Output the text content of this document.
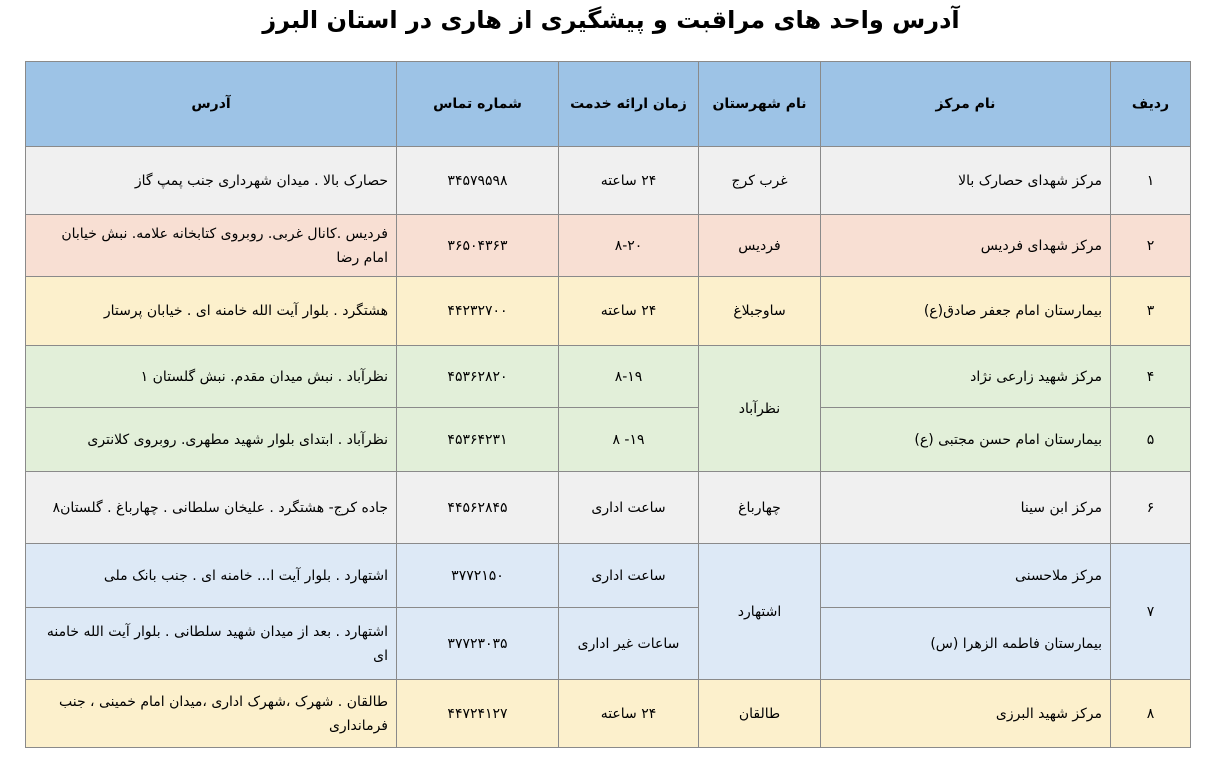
آدرس واحد های مراقبت و پیشگیری از هاری در استان البرز
ردیف	نام مرکز	نام شهرستان	زمان ارائه خدمت	شماره تماس	آدرس
۱	مرکز شهدای حصارک بالا	غرب کرج	۲۴ ساعته	۳۴۵۷۹۵۹۸	حصارک بالا . میدان شهرداری جنب پمپ گاز
۲	مرکز شهدای فردیس	فردیس	۸-۲۰	۳۶۵۰۴۳۶۳	فردیس .کانال غربی. روبروی کتابخانه علامه. نبش خیابان امام رضا
۳	بیمارستان امام جعفر صادق(ع)	ساوجبلاغ	۲۴ ساعته	۴۴۲۳۲۷۰۰	هشتگرد . بلوار آیت الله خامنه ای . خیابان پرستار
۴	مرکز شهید زارعی نژاد	نظرآباد	۸-۱۹	۴۵۳۶۲۸۲۰	نظرآباد . نبش میدان مقدم. نبش گلستان ۱
۵	بیمارستان امام حسن مجتبی (ع)		۱۹- ۸	۴۵۳۶۴۲۳۱	نظرآباد . ابتدای بلوار شهید مطهری. روبروی کلانتری
۶	مرکز ابن سینا	چهارباغ	ساعت اداری	۴۴۵۶۲۸۴۵	جاده کرج- هشتگرد . علیخان سلطانی . چهارباغ . گلستان۸
۷	مرکز ملاحسنی	اشتهارد	ساعت اداری	۳۷۷۲۱۵۰	اشتهارد . بلوار آیت ا... خامنه ای . جنب بانک ملی
	بیمارستان فاطمه الزهرا (س)		ساعات غیر اداری	۳۷۷۲۳۰۳۵	اشتهارد . بعد از میدان شهید سلطانی . بلوار آیت الله خامنه ای
۸	مرکز شهید البرزی	طالقان	۲۴ ساعته	۴۴۷۲۴۱۲۷	طالقان . شهرک ،شهرک اداری ،میدان امام خمینی ، جنب فرمانداری
